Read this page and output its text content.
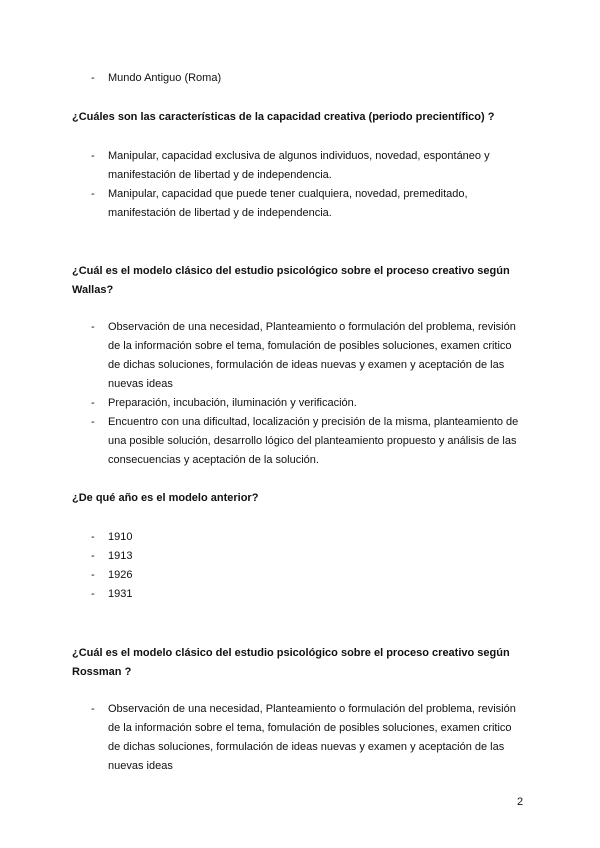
- Mundo Antiguo (Roma)
¿Cuáles son las características de la capacidad creativa (periodo precientífico) ?
- Manipular, capacidad exclusiva de algunos individuos, novedad, espontáneo y manifestación de libertad y de independencia.
- Manipular, capacidad que puede tener cualquiera, novedad, premeditado, manifestación de libertad y de independencia.
¿Cuál es el modelo clásico del estudio psicológico sobre el proceso creativo según Wallas?
- Observación de una necesidad, Planteamiento o formulación del problema, revisión de la información sobre el tema, fomulación de posibles soluciones, examen critico de dichas soluciones, formulación de ideas nuevas y examen y aceptación de las nuevas ideas
- Preparación, incubación, iluminación y verificación.
- Encuentro con una dificultad, localización y precisión de la misma, planteamiento de una posible solución, desarrollo lógico del planteamiento propuesto y análisis de las consecuencias y aceptación de la solución.
¿De qué año es el modelo anterior?
- 1910
- 1913
- 1926
- 1931
¿Cuál es el modelo clásico del estudio psicológico sobre el proceso creativo según Rossman ?
- Observación de una necesidad, Planteamiento o formulación del problema, revisión de la información sobre el tema, fomulación de posibles soluciones, examen critico de dichas soluciones, formulación de ideas nuevas y examen y aceptación de las nuevas ideas
2
